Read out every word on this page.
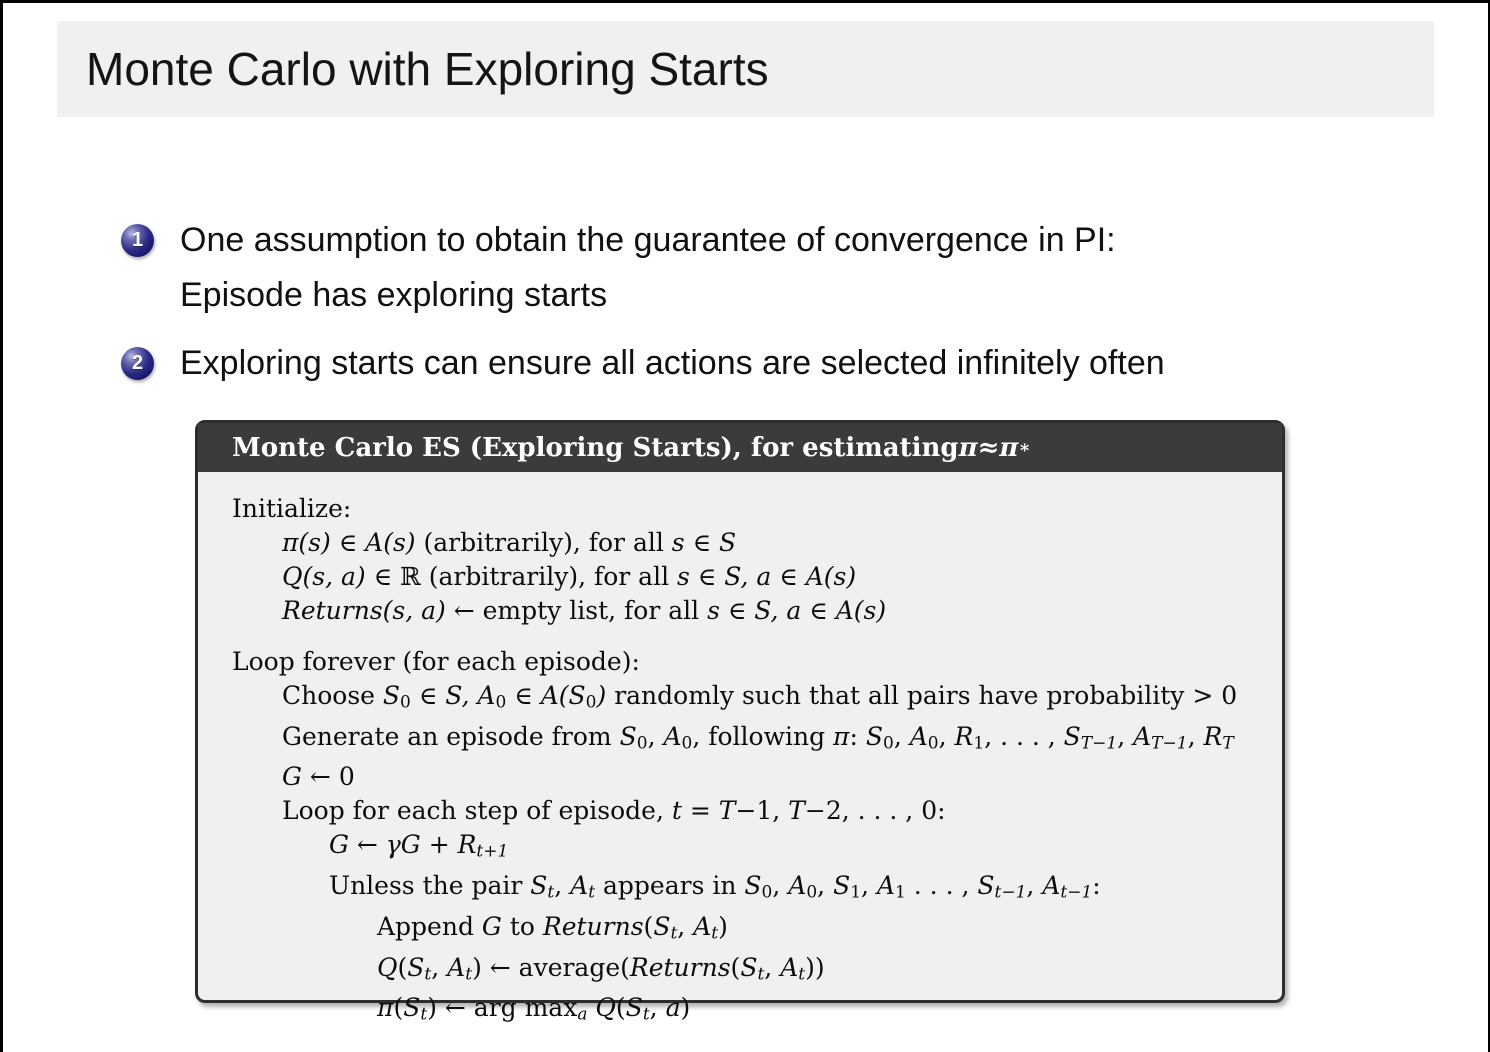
Monte Carlo with Exploring Starts
1	One assumption to obtain the guarantee of convergence in PI:
Episode has exploring starts
2	Exploring starts can ensure all actions are selected infinitely often
Monte Carlo ES (Exploring Starts), for estimating π ≈ π ∗
Initialize:
π(s) ∈ A(s) (arbitrarily), for all s ∈ S
Q(s, a) ∈ ℝ (arbitrarily), for all s ∈ S, a ∈ A(s)
Returns(s, a) ← empty list, for all s ∈ S, a ∈ A(s)
Loop forever (for each episode):
Choose S0 ∈ S, A0 ∈ A(S0) randomly such that all pairs have probability > 0
Generate an episode from S0, A0, following π: S0, A0, R1, . . . , ST−1, AT−1, RT
G ← 0
Loop for each step of episode, t = T−1, T−2, . . . , 0:
G ← γG + Rt+1
Unless the pair St, At appears in S0, A0, S1, A1 . . . , St−1, At−1:
Append G to Returns(St, At)
Q(St, At) ← average(Returns(St, At))
π(St) ← arg maxa Q(St, a)
